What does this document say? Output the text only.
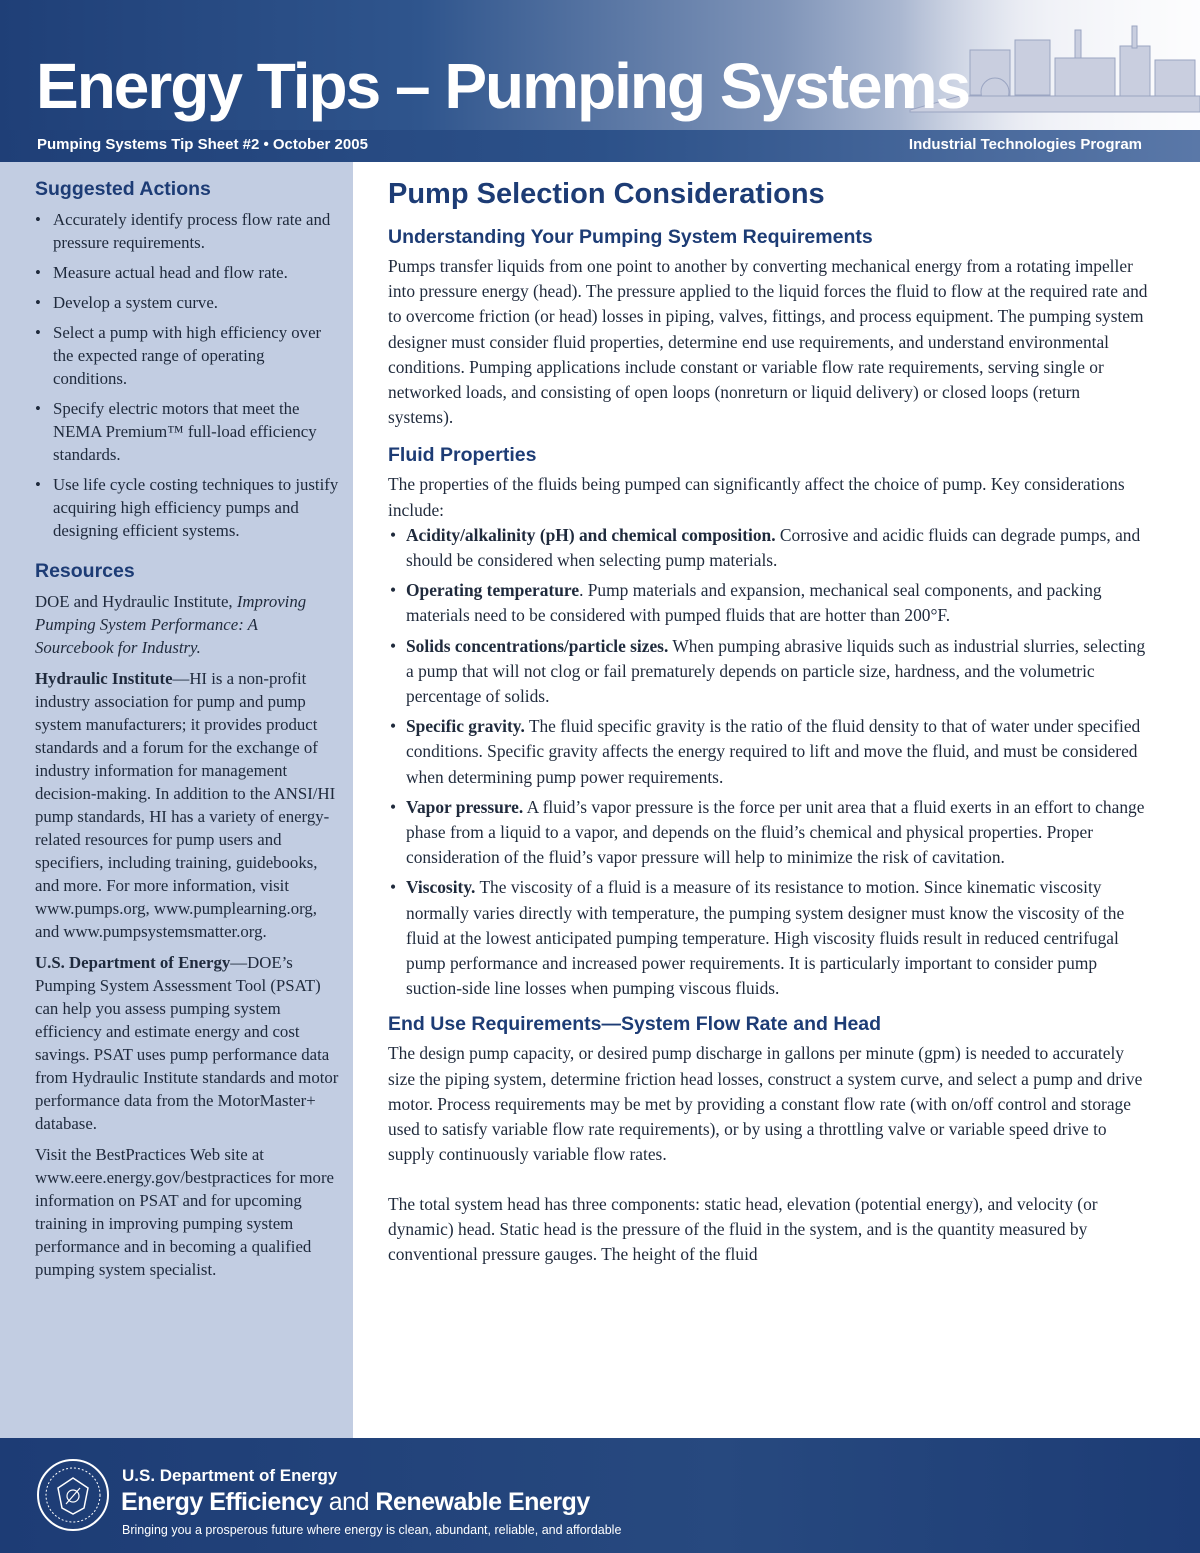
Energy Tips – Pumping Systems
Pumping Systems Tip Sheet #2 • October 2005	Industrial Technologies Program
Suggested Actions
• Accurately identify process flow rate and pressure requirements.
• Measure actual head and flow rate.
• Develop a system curve.
• Select a pump with high efficiency over the expected range of operating conditions.
• Specify electric motors that meet the NEMA Premium™ full-load efficiency standards.
• Use life cycle costing techniques to justify acquiring high efficiency pumps and designing efficient systems.
Resources

DOE and Hydraulic Institute, Improving Pumping System Performance: A Sourcebook for Industry.

Hydraulic Institute—HI is a non-profit industry association for pump and pump system manufacturers; it provides product standards and a forum for the exchange of industry information for management decision-making. In addition to the ANSI/HI pump standards, HI has a variety of energy-related resources for pump users and specifiers, including training, guidebooks, and more. For more information, visit www.pumps.org, www.pumplearning.org, and www.pumpsystemsmatter.org.

U.S. Department of Energy—DOE’s Pumping System Assessment Tool (PSAT) can help you assess pumping system efficiency and estimate energy and cost savings. PSAT uses pump performance data from Hydraulic Institute standards and motor performance data from the MotorMaster+ database.

Visit the BestPractices Web site at www.eere.energy.gov/bestpractices for more information on PSAT and for upcoming training in improving pumping system performance and in becoming a qualified pumping system specialist.

Pump Selection Considerations
Understanding Your Pumping System Requirements

Pumps transfer liquids from one point to another by converting mechanical energy from a rotating impeller into pressure energy (head). The pressure applied to the liquid forces the fluid to flow at the required rate and to overcome friction (or head) losses in piping, valves, fittings, and process equipment. The pumping system designer must consider fluid properties, determine end use requirements, and understand environmental conditions. Pumping applications include constant or variable flow rate requirements, serving single or networked loads, and consisting of open loops (nonreturn or liquid delivery) or closed loops (return systems).

Fluid Properties

The properties of the fluids being pumped can significantly affect the choice of pump. Key considerations include:

• Acidity/alkalinity (pH) and chemical composition. Corrosive and acidic fluids can degrade pumps, and should be considered when selecting pump materials.
• Operating temperature. Pump materials and expansion, mechanical seal components, and packing materials need to be considered with pumped fluids that are hotter than 200°F.
• Solids concentrations/particle sizes. When pumping abrasive liquids such as industrial slurries, selecting a pump that will not clog or fail prematurely depends on particle size, hardness, and the volumetric percentage of solids.
• Specific gravity. The fluid specific gravity is the ratio of the fluid density to that of water under specified conditions. Specific gravity affects the energy required to lift and move the fluid, and must be considered when determining pump power requirements.
• Vapor pressure. A fluid’s vapor pressure is the force per unit area that a fluid exerts in an effort to change phase from a liquid to a vapor, and depends on the fluid’s chemical and physical properties. Proper consideration of the fluid’s vapor pressure will help to minimize the risk of cavitation.
• Viscosity. The viscosity of a fluid is a measure of its resistance to motion. Since kinematic viscosity normally varies directly with temperature, the pumping system designer must know the viscosity of the fluid at the lowest anticipated pumping temperature. High viscosity fluids result in reduced centrifugal pump performance and increased power requirements. It is particularly important to consider pump suction-side line losses when pumping viscous fluids.
End Use Requirements—System Flow Rate and Head

The design pump capacity, or desired pump discharge in gallons per minute (gpm) is needed to accurately size the piping system, determine friction head losses, construct a system curve, and select a pump and drive motor. Process requirements may be met by providing a constant flow rate (with on/off control and storage used to satisfy variable flow rate requirements), or by using a throttling valve or variable speed drive to supply continuously variable flow rates.

The total system head has three components: static head, elevation (potential energy), and velocity (or dynamic) head. Static head is the pressure of the fluid in the system, and is the quantity measured by conventional pressure gauges. The height of the fluid

U.S. Department of Energy
Energy Efficiency and Renewable Energy
Bringing you a prosperous future where energy is clean, abundant, reliable, and affordable
